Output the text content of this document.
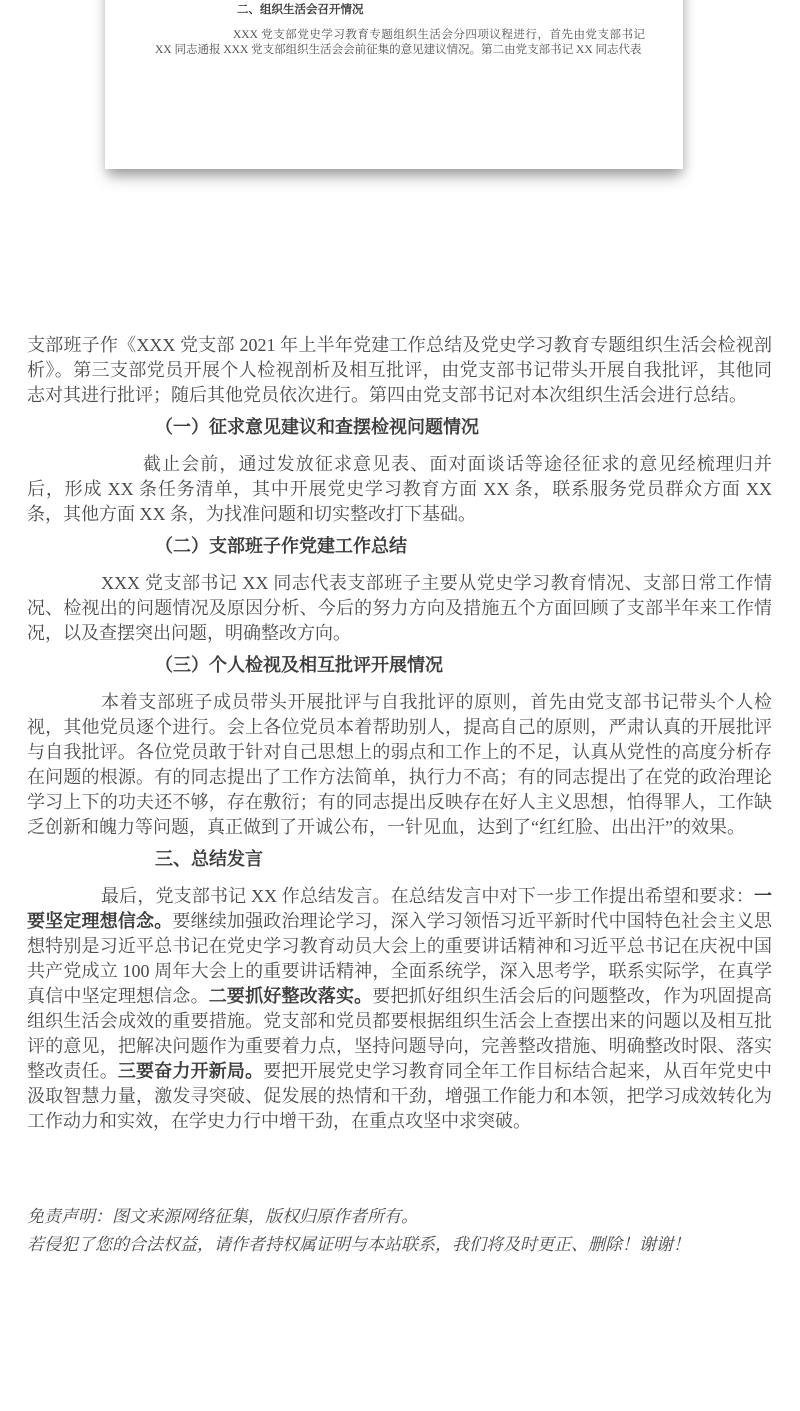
二、组织生活会召开情况

XXX 党支部党史学习教育专题组织生活会分四项议程进行，首先由党支部书记XX 同志通报 XXX 党支部组织生活会会前征集的意见建议情况。第二由党支部书记 XX 同志代表

支部班子作《XXX 党支部 2021 年上半年党建工作总结及党史学习教育专题组织生活会检视剖析》。第三支部党员开展个人检视剖析及相互批评，由党支部书记带头开展自我批评，其他同志对其进行批评；随后其他党员依次进行。第四由党支部书记对本次组织生活会进行总结。

（一）征求意见建议和查摆检视问题情况

截止会前，通过发放征求意见表、面对面谈话等途径征求的意见经梳理归并后，形成 XX 条任务清单，其中开展党史学习教育方面 XX 条，联系服务党员群众方面 XX 条，其他方面 XX 条，为找准问题和切实整改打下基础。

（二）支部班子作党建工作总结

XXX 党支部书记 XX 同志代表支部班子主要从党史学习教育情况、支部日常工作情况、检视出的问题情况及原因分析、今后的努力方向及措施五个方面回顾了支部半年来工作情况，以及查摆突出问题，明确整改方向。

（三）个人检视及相互批评开展情况

本着支部班子成员带头开展批评与自我批评的原则，首先由党支部书记带头个人检视，其他党员逐个进行。会上各位党员本着帮助别人，提高自己的原则，严肃认真的开展批评与自我批评。各位党员敢于针对自己思想上的弱点和工作上的不足，认真从党性的高度分析存在问题的根源。有的同志提出了工作方法简单，执行力不高；有的同志提出了在党的政治理论学习上下的功夫还不够，存在敷衍；有的同志提出反映存在好人主义思想，怕得罪人，工作缺乏创新和魄力等问题，真正做到了开诚公布，一针见血，达到了“红红脸、出出汗”的效果。

三、总结发言

最后，党支部书记 XX 作总结发言。在总结发言中对下一步工作提出希望和要求：一要坚定理想信念。要继续加强政治理论学习，深入学习领悟习近平新时代中国特色社会主义思想特别是习近平总书记在党史学习教育动员大会上的重要讲话精神和习近平总书记在庆祝中国共产党成立 100 周年大会上的重要讲话精神，全面系统学，深入思考学，联系实际学，在真学真信中坚定理想信念。二要抓好整改落实。要把抓好组织生活会后的问题整改，作为巩固提高组织生活会成效的重要措施。党支部和党员都要根据组织生活会上查摆出来的问题以及相互批评的意见，把解决问题作为重要着力点，坚持问题导向，完善整改措施、明确整改时限、落实整改责任。三要奋力开新局。要把开展党史学习教育同全年工作目标结合起来，从百年党史中汲取智慧力量，激发寻突破、促发展的热情和干劲，增强工作能力和本领，把学习成效转化为工作动力和实效，在学史力行中增干劲，在重点攻坚中求突破。

免责声明：图文来源网络征集，版权归原作者所有。

若侵犯了您的合法权益，请作者持权属证明与本站联系，我们将及时更正、删除！谢谢！
